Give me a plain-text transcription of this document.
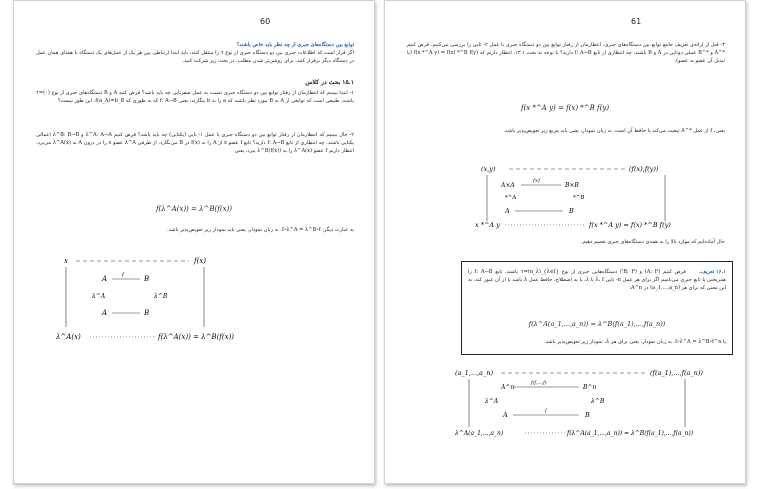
60
توابع بین دستگاه‌های جبری از چه نظر باید خاص باشند؟
اگر قرار است که اطلاعات جبری بین دو دستگاه جبری از نوع τ را منتقل کنند، باید ابتدا ارتباطی بین هر یک از عمل‌های یک دستگاه با همتای همان عمل در دستگاه دیگر برقرار کنند. برای روشن‌تر شدن مطلب، در بحث زیر شرکت کنید.
۱۵.۱ بحث در کلاس
۱- ابتدا ببینیم که انتظارمان از رفتار توابع بین دو دستگاه جبری نسبت به عمل صفرتایی چه باید باشد؟ فرض کنید A و B دستگاه‌های جبری از نوع (۰)=τ باشند. طبیعی است که توابعی از A به B مورد نظر باشند که a را به b بنگارند، یعنی f: A→B که به طوری که f(a_A)=b_B. این طور نیست؟
۲- حال ببینیم که انتظارمان از رفتار توابع بین دو دستگاه جبری با عمل ۱- تایی (یکتایی) چه باید باشد؟ فرض کنیم λ^A: A→A و λ^B: B→B اعمالی یکتایی باشند. چه انتظاری از تابع f: A→B دارید؟ تابع f عضو x از A را به f(x) در B می‌نگارد. از طرفی λ^A عضو x را در درون A به λ^A(x) می‌برد. انتظار داریم f عضو λ^A(x) را به λ^B(f(x)) ببرد، یعنی
f(λ^A(x)) = λ^B(f(x))
به عبارت دیگر، f∘λ^A = λ^B∘f. به زبان نمودار، یعنی باید نمودار زیر تعویض‌پذیر باشد.
x	f(x)
A	f	B
λ^A	λ^B
A	B
λ^A(x)	f(λ^A(x)) = λ^B(f(x))
61
۳- قبل از ارائه‌ی تعریف جامع توابع بین دستگاه‌های جبری، انتظارمان از رفتار توابع بین دو دستگاه جبری با عمل ۲- تایی را بررسی می‌کنیم. فرض کنیم *^A و *^B عملی دوتایی در A و B باشند. چه انتظاری از تابع f: A→B دارید؟ با توجه به بحث ۱۳.۱، انتظار داریم که f(x *^A y) = f(x) *^B f(y) (با تبدیل آن عضو به عضو).
f(x *^A y) = f(x) *^B f(y)
یعنی، f از عمل *^A تبعیت می‌کند یا حافظ آن است. به زبان نمودار، یعنی باید مربع زیر تعویض‌پذیر باشد.
(x,y)	(f(x),f(y))
A×A
f×f
B×B
*^A	*^B
A	B
x *^A y	f(x *^A y) = f(x) *^B f(y)
حال آماده‌ایم که موارد بالا را به همه‌ی دستگاه‌های جبری تعمیم دهیم.
۱۶.۱ تعریف.
فرض کنیم (A; F) و (B; F') دستگاه‌هایی جبری از نوع τ=(n_λ)_{λ∈I} باشند. تابع f: A→B را همریختی یا تابع جبری می‌نامیم اگر برای هر عمل n- تایی λ، f با λ، یا به اصطلاح، حافظ عمل λ باشد یا از آن عبور کند. به این معنی که برای هر (a_1,...,a_n) در A^n:
f(λ^A(a_1,...,a_n)) = λ^B(f(a_1),...,f(a_n))
یا f∘λ^A = λ^B∘f^n. به زبان نمودار، یعنی برای هر λ، نمودار زیر تعویض‌پذیر باشد.
(a_1,...,a_n)	(f(a_1),...,f(a_n))
A^n
f(f,...,f)
B^n
λ^A	λ^B
A	f	B
λ^A(a_1,...,a_n)	f(λ^A(a_1,...,a_n)) = λ^B(f(a_1),...,f(a_n))
